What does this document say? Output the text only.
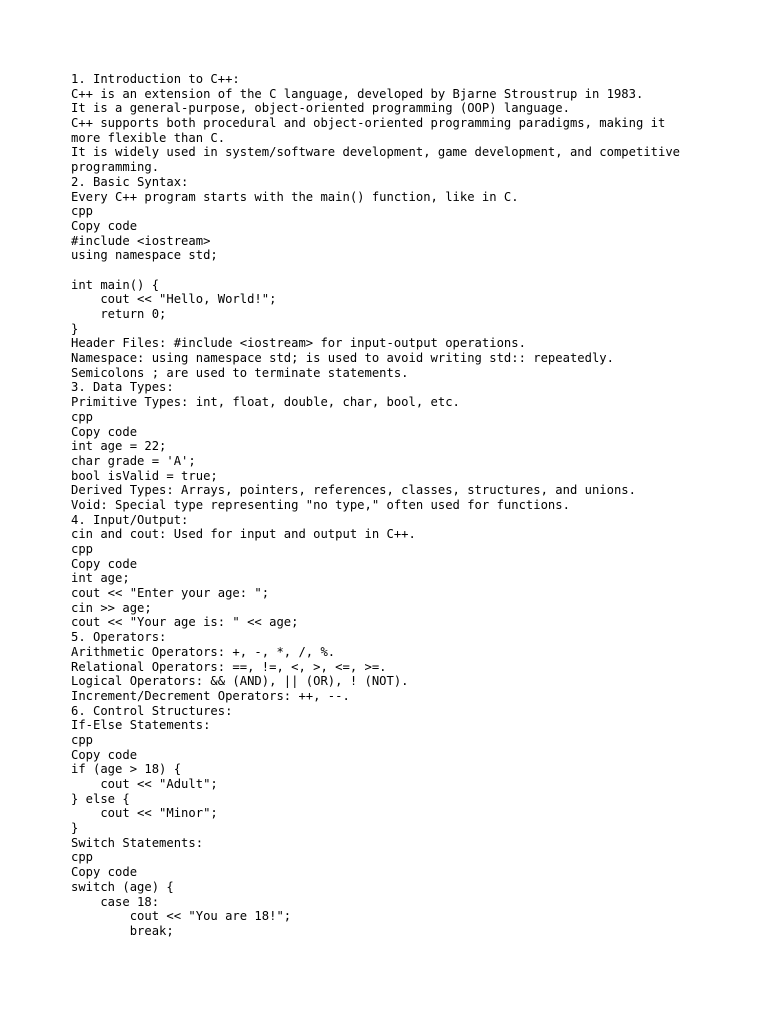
1. Introduction to C++:
C++ is an extension of the C language, developed by Bjarne Stroustrup in 1983.
It is a general-purpose, object-oriented programming (OOP) language.
C++ supports both procedural and object-oriented programming paradigms, making it
more flexible than C.
It is widely used in system/software development, game development, and competitive
programming.
2. Basic Syntax:
Every C++ program starts with the main() function, like in C.
cpp
Copy code
#include <iostream>
using namespace std;
int main() {
cout << "Hello, World!";
return 0;
}
Header Files: #include <iostream> for input-output operations.
Namespace: using namespace std; is used to avoid writing std:: repeatedly.
Semicolons ; are used to terminate statements.
3. Data Types:
Primitive Types: int, float, double, char, bool, etc.
cpp
Copy code
int age = 22;
char grade = 'A';
bool isValid = true;
Derived Types: Arrays, pointers, references, classes, structures, and unions.
Void: Special type representing "no type," often used for functions.
4. Input/Output:
cin and cout: Used for input and output in C++.
cpp
Copy code
int age;
cout << "Enter your age: ";
cin >> age;
cout << "Your age is: " << age;
5. Operators:
Arithmetic Operators: +, -, *, /, %.
Relational Operators: ==, !=, <, >, <=, >=.
Logical Operators: && (AND), || (OR), ! (NOT).
Increment/Decrement Operators: ++, --.
6. Control Structures:
If-Else Statements:
cpp
Copy code
if (age > 18) {
cout << "Adult";
} else {
cout << "Minor";
}
Switch Statements:
cpp
Copy code
switch (age) {
case 18:
cout << "You are 18!";
break;
